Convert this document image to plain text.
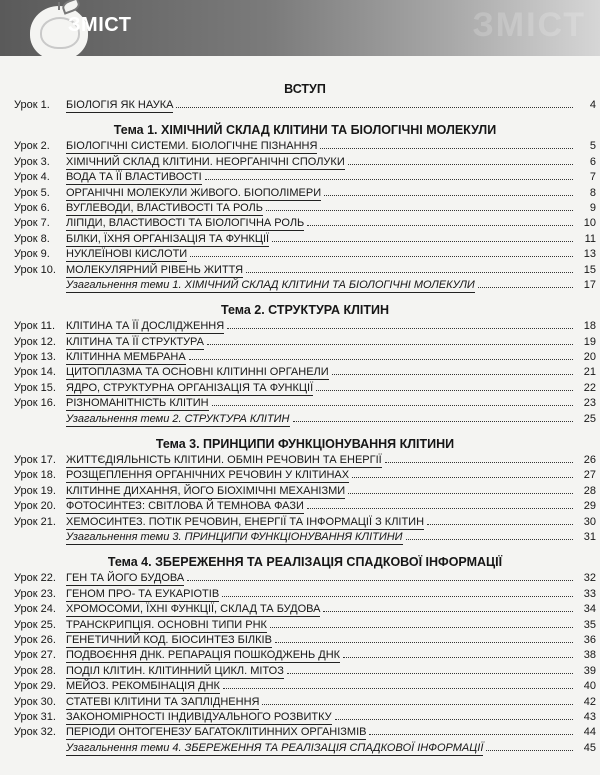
ЗМІСТ
ЗМІСТ
ВСТУП
Урок 1.	БІОЛОГІЯ ЯК НАУКА	4
Тема 1. ХІМІЧНИЙ СКЛАД КЛІТИНИ ТА БІОЛОГІЧНІ МОЛЕКУЛИ
Урок 2.	БІОЛОГІЧНІ СИСТЕМИ. БІОЛОГІЧНЕ ПІЗНАННЯ	5
Урок 3.	ХІМІЧНИЙ СКЛАД КЛІТИНИ. НЕОРГАНІЧНІ СПОЛУКИ	6
Урок 4.	ВОДА ТА ЇЇ ВЛАСТИВОСТІ	7
Урок 5.	ОРГАНІЧНІ МОЛЕКУЛИ ЖИВОГО. БІОПОЛІМЕРИ	8
Урок 6.	ВУГЛЕВОДИ, ВЛАСТИВОСТІ ТА РОЛЬ	9
Урок 7.	ЛІПІДИ, ВЛАСТИВОСТІ ТА БІОЛОГІЧНА РОЛЬ	10
Урок 8.	БІЛКИ, ЇХНЯ ОРГАНІЗАЦІЯ ТА ФУНКЦІЇ	11
Урок 9.	НУКЛЕЇНОВІ КИСЛОТИ	13
Урок 10. МОЛЕКУЛЯРНИЙ РІВЕНЬ ЖИТТЯ	15
Узагальнення теми 1. ХІМІЧНИЙ СКЛАД КЛІТИНИ ТА БІОЛОГІЧНІ МОЛЕКУЛИ	17
Тема 2. СТРУКТУРА КЛІТИН
Урок 11. КЛІТИНА ТА ЇЇ ДОСЛІДЖЕННЯ	18
Урок 12. КЛІТИНА ТА ЇЇ СТРУКТУРА	19
Урок 13. КЛІТИННА МЕМБРАНА	20
Урок 14. ЦИТОПЛАЗМА ТА ОСНОВНІ КЛІТИННІ ОРГАНЕЛИ	21
Урок 15. ЯДРО, СТРУКТУРНА ОРГАНІЗАЦІЯ ТА ФУНКЦІЇ	22
Урок 16. РІЗНОМАНІТНІСТЬ КЛІТИН	23
Узагальнення теми 2. СТРУКТУРА КЛІТИН	25
Тема 3. ПРИНЦИПИ ФУНКЦІОНУВАННЯ КЛІТИНИ
Урок 17. ЖИТТЄДІЯЛЬНІСТЬ КЛІТИНИ. ОБМІН РЕЧОВИН ТА ЕНЕРГІЇ	26
Урок 18. РОЗЩЕПЛЕННЯ ОРГАНІЧНИХ РЕЧОВИН У КЛІТИНАХ	27
Урок 19. КЛІТИННЕ ДИХАННЯ, ЙОГО БІОХІМІЧНІ МЕХАНІЗМИ	28
Урок 20. ФОТОСИНТЕЗ: СВІТЛОВА Й ТЕМНОВА ФАЗИ	29
Урок 21. ХЕМОСИНТЕЗ. ПОТІК РЕЧОВИН, ЕНЕРГІЇ ТА ІНФОРМАЦІЇ З КЛІТИН	30
Узагальнення теми 3. ПРИНЦИПИ ФУНКЦІОНУВАННЯ КЛІТИНИ	31
Тема 4. ЗБЕРЕЖЕННЯ ТА РЕАЛІЗАЦІЯ СПАДКОВОЇ ІНФОРМАЦІЇ
Урок 22. ГЕН ТА ЙОГО БУДОВА	32
Урок 23. ГЕНОМ ПРО- ТА ЕУКАРІОТІВ	33
Урок 24. ХРОМОСОМИ, ЇХНІ ФУНКЦІЇ, СКЛАД ТА БУДОВА	34
Урок 25. ТРАНСКРИПЦІЯ. ОСНОВНІ ТИПИ РНК	35
Урок 26. ГЕНЕТИЧНИЙ КОД. БІОСИНТЕЗ БІЛКІВ	36
Урок 27. ПОДВОЄННЯ ДНК. РЕПАРАЦІЯ ПОШКОДЖЕНЬ ДНК	38
Урок 28. ПОДІЛ КЛІТИН. КЛІТИННИЙ ЦИКЛ. МІТОЗ	39
Урок 29. МЕЙОЗ. РЕКОМБІНАЦІЯ ДНК	40
Урок 30. СТАТЕВІ КЛІТИНИ ТА ЗАПЛІДНЕННЯ	42
Урок 31. ЗАКОНОМІРНОСТІ ІНДИВІДУАЛЬНОГО РОЗВИТКУ	43
Урок 32. ПЕРІОДИ ОНТОГЕНЕЗУ БАГАТОКЛІТИННИХ ОРГАНІЗМІВ	44
Узагальнення теми 4. ЗБЕРЕЖЕННЯ ТА РЕАЛІЗАЦІЯ СПАДКОВОЇ ІНФОРМАЦІЇ	45
